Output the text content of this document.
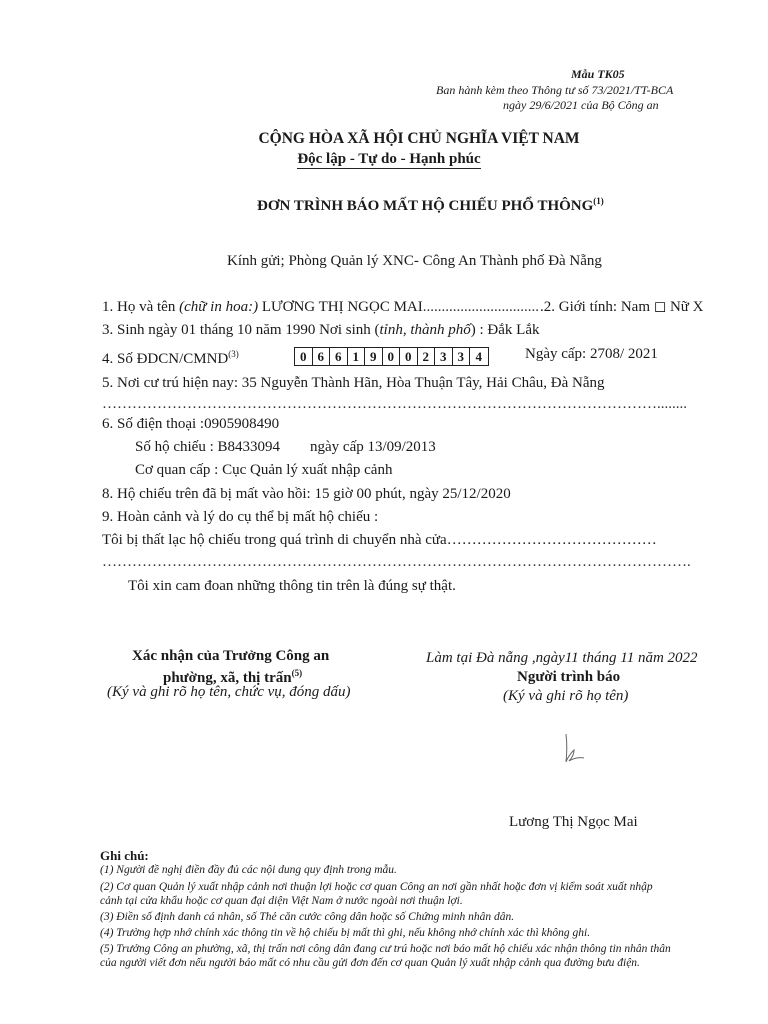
Mẫu TK05
Ban hành kèm theo Thông tư số 73/2021/TT-BCA
ngày 29/6/2021 của Bộ Công an
CỘNG HÒA XÃ HỘI CHỦ NGHĨA VIỆT NAM
Độc lập - Tự do - Hạnh phúc
ĐƠN TRÌNH BÁO MẤT HỘ CHIẾU PHỔ THÔNG$^{(1)}$
Kính gửi; Phòng Quản lý XNC- Công An Thành phố Đà Nẵng
1. Họ và tên (chữ in hoa:) LƯƠNG THỊ NGỌC MAI............................... .2. Giới tính: Nam ◻ Nữ X
3. Sinh ngày 01 tháng 10 năm 1990 Nơi sinh (tỉnh, thành phố) : Đắk Lắk
4. Số ĐDCN/CMND$^{(3)}$	0 6 6 1 9 0 0 2 3 3 4	Ngày cấp: 2708/ 2021
5. Nơi cư trú hiện nay: 35 Nguyễn Thành Hãn, Hòa Thuận Tây, Hải Châu, Đà Nẵng
…………………………………………………………………………………………………........
6. Số điện thoại :0905908490
Số hộ chiếu : B8433094        ngày cấp 13/09/2013
Cơ quan cấp : Cục Quản lý xuất nhập cảnh
8. Hộ chiếu trên đã bị mất vào hồi: 15 giờ 00 phút, ngày 25/12/2020
9. Hoàn cảnh và lý do cụ thể bị mất hộ chiếu :
Tôi bị thất lạc hộ chiếu trong quá trình di chuyển nhà cửa……………………………………
……………………………………………………………………………………………………….
Tôi xin cam đoan những thông tin trên là đúng sự thật.
Xác nhận của Trưởng Công an
phường, xã, thị trấn$^{(5)}$
(Ký và ghi rõ họ tên, chức vụ, đóng dấu)
Làm tại Đà nẵng ,ngày11 tháng 11 năm 2022
Người trình báo
(Ký và ghi rõ họ tên)
Lương Thị Ngọc Mai
Ghi chú:
(1) Người đề nghị điền đầy đủ các nội dung quy định trong mẫu.
(2) Cơ quan Quản lý xuất nhập cảnh nơi thuận lợi hoặc cơ quan Công an nơi gần nhất hoặc đơn vị kiểm soát xuất nhập
cảnh tại cửa khẩu hoặc cơ quan đại diện Việt Nam ở nước ngoài nơi thuận lợi.
(3) Điền số định danh cá nhân, số Thẻ căn cước công dân hoặc số Chứng minh nhân dân.
(4) Trường hợp nhớ chính xác thông tin về hộ chiếu bị mất thì ghi, nếu không nhớ chính xác thì không ghi.
(5) Trưởng Công an phường, xã, thị trấn nơi công dân đang cư trú hoặc nơi báo mất hộ chiếu xác nhận thông tin nhân thân
của người viết đơn nếu người báo mất có nhu cầu gửi đơn đến cơ quan Quản lý xuất nhập cảnh qua đường bưu điện.
